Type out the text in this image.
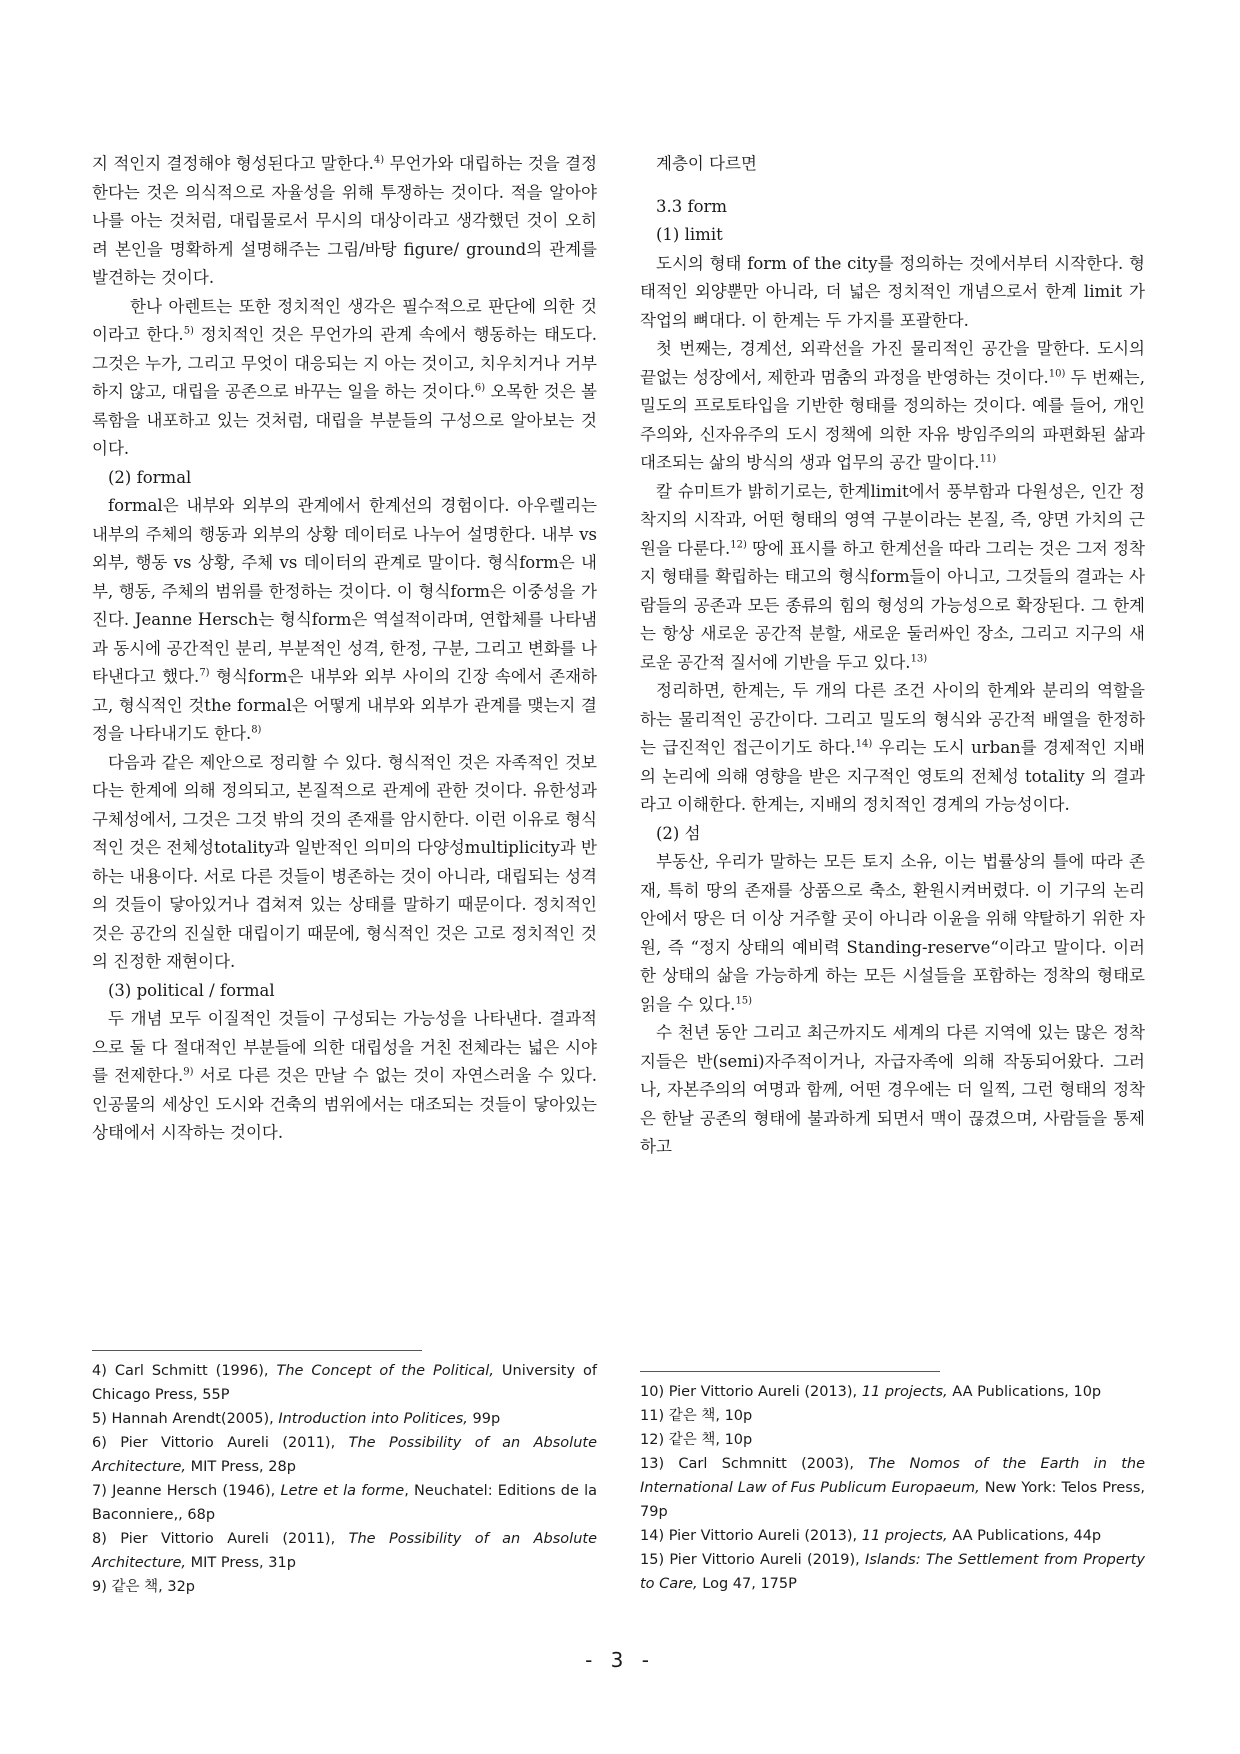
지 적인지 결정해야 형성된다고 말한다.$^{4)}$ 무언가와 대립하는 것을 결정한다는 것은 의식적으로 자율성을 위해 투쟁하는 것이다. 적을 알아야 나를 아는 것처럼, 대립물로서 무시의 대상이라고 생각했던 것이 오히려 본인을 명확하게 설명해주는 그림/바탕 figure/ ground의 관계를 발견하는 것이다.

한나 아렌트는 또한 정치적인 생각은 필수적으로 판단에 의한 것이라고 한다.$^{5)}$ 정치적인 것은 무언가의 관계 속에서 행동하는 태도다. 그것은 누가, 그리고 무엇이 대응되는 지 아는 것이고, 치우치거나 거부하지 않고, 대립을 공존으로 바꾸는 일을 하는 것이다.$^{6)}$ 오목한 것은 볼록함을 내포하고 있는 것처럼, 대립을 부분들의 구성으로 알아보는 것이다.

(2) formal

formal은 내부와 외부의 관계에서 한계선의 경험이다. 아우렐리는 내부의 주체의 행동과 외부의 상황 데이터로 나누어 설명한다. 내부 vs 외부, 행동 vs 상황, 주체 vs 데이터의 관계로 말이다. 형식form은 내부, 행동, 주체의 범위를 한정하는 것이다. 이 형식form은 이중성을 가진다. Jeanne Hersch는 형식form은 역설적이라며, 연합체를 나타냄과 동시에 공간적인 분리, 부분적인 성격, 한정, 구분, 그리고 변화를 나타낸다고 했다.$^{7)}$ 형식form은 내부와 외부 사이의 긴장 속에서 존재하고, 형식적인 것the formal은 어떻게 내부와 외부가 관계를 맺는지 결정을 나타내기도 한다.$^{8)}$

다음과 같은 제안으로 정리할 수 있다. 형식적인 것은 자족적인 것보다는 한계에 의해 정의되고, 본질적으로 관계에 관한 것이다. 유한성과 구체성에서, 그것은 그것 밖의 것의 존재를 암시한다. 이런 이유로 형식적인 것은 전체성totality과 일반적인 의미의 다양성multiplicity과 반하는 내용이다. 서로 다른 것들이 병존하는 것이 아니라, 대립되는 성격의 것들이 닿아있거나 겹쳐져 있는 상태를 말하기 때문이다. 정치적인 것은 공간의 진실한 대립이기 때문에, 형식적인 것은 고로 정치적인 것의 진정한 재현이다.

(3) political / formal

두 개념 모두 이질적인 것들이 구성되는 가능성을 나타낸다. 결과적으로 둘 다 절대적인 부분들에 의한 대립성을 거친 전체라는 넓은 시야를 전제한다.$^{9)}$ 서로 다른 것은 만날 수 없는 것이 자연스러울 수 있다. 인공물의 세상인 도시와 건축의 범위에서는 대조되는 것들이 닿아있는 상태에서 시작하는 것이다.

계층이 다르면

3.3 form

(1) limit

도시의 형태 form of the city를 정의하는 것에서부터 시작한다. 형태적인 외양뿐만 아니라, 더 넓은 정치적인 개념으로서 한계 limit 가 작업의 뼈대다. 이 한계는 두 가지를 포괄한다.

첫 번째는, 경계선, 외곽선을 가진 물리적인 공간을 말한다. 도시의 끝없는 성장에서, 제한과 멈춤의 과정을 반영하는 것이다.$^{10)}$ 두 번째는, 밀도의 프로토타입을 기반한 형태를 정의하는 것이다. 예를 들어, 개인주의와, 신자유주의 도시 정책에 의한 자유 방임주의의 파편화된 삶과 대조되는 삶의 방식의 생과 업무의 공간 말이다.$^{11)}$

칼 슈미트가 밝히기로는, 한계limit에서 풍부함과 다원성은, 인간 정착지의 시작과, 어떤 형태의 영역 구분이라는 본질, 즉, 양면 가치의 근원을 다룬다.$^{12)}$ 땅에 표시를 하고 한계선을 따라 그리는 것은 그저 정착지 형태를 확립하는 태고의 형식form들이 아니고, 그것들의 결과는 사람들의 공존과 모든 종류의 힘의 형성의 가능성으로 확장된다. 그 한계는 항상 새로운 공간적 분할, 새로운 둘러싸인 장소, 그리고 지구의 새로운 공간적 질서에 기반을 두고 있다.$^{13)}$

정리하면, 한계는, 두 개의 다른 조건 사이의 한계와 분리의 역할을 하는 물리적인 공간이다. 그리고 밀도의 형식와 공간적 배열을 한정하는 급진적인 접근이기도 하다.$^{14)}$ 우리는 도시 urban를 경제적인 지배의 논리에 의해 영향을 받은 지구적인 영토의 전체성 totality 의 결과라고 이해한다. 한계는, 지배의 정치적인 경계의 가능성이다.

(2) 섬

부동산, 우리가 말하는 모든 토지 소유, 이는 법률상의 틀에 따라 존재, 특히 땅의 존재를 상품으로 축소, 환원시켜버렸다. 이 기구의 논리 안에서 땅은 더 이상 거주할 곳이 아니라 이윤을 위해 약탈하기 위한 자원, 즉 “정지 상태의 예비력 Standing-reserve“이라고 말이다. 이러한 상태의 삶을 가능하게 하는 모든 시설들을 포함하는 정착의 형태로 읽을 수 있다.$^{15)}$

수 천년 동안 그리고 최근까지도 세계의 다른 지역에 있는 많은 정착지들은 반(semi)자주적이거나, 자급자족에 의해 작동되어왔다. 그러나, 자본주의의 여명과 함께, 어떤 경우에는 더 일찍, 그런 형태의 정착은 한날 공존의 형태에 불과하게 되면서 맥이 끊겼으며, 사람들을 통제하고

4) Carl Schmitt (1996), The Concept of the Political, University of Chicago Press, 55P

5) Hannah Arendt(2005), Introduction into Politices, 99p

6) Pier Vittorio Aureli (2011), The Possibility of an Absolute Architecture, MIT Press, 28p

7) Jeanne Hersch (1946), Letre et la forme, Neuchatel: Editions de la Baconniere,, 68p

8) Pier Vittorio Aureli (2011), The Possibility of an Absolute Architecture, MIT Press, 31p

9) 같은 책, 32p

10) Pier Vittorio Aureli (2013), 11 projects, AA Publications, 10p

11) 같은 책, 10p

12) 같은 책, 10p

13) Carl Schmnitt (2003), The Nomos of the Earth in the International Law of Fus Publicum Europaeum, New York: Telos Press, 79p

14) Pier Vittorio Aureli (2013), 11 projects, AA Publications, 44p

15) Pier Vittorio Aureli (2019), Islands: The Settlement from Property to Care, Log 47, 175P

- 3 -
